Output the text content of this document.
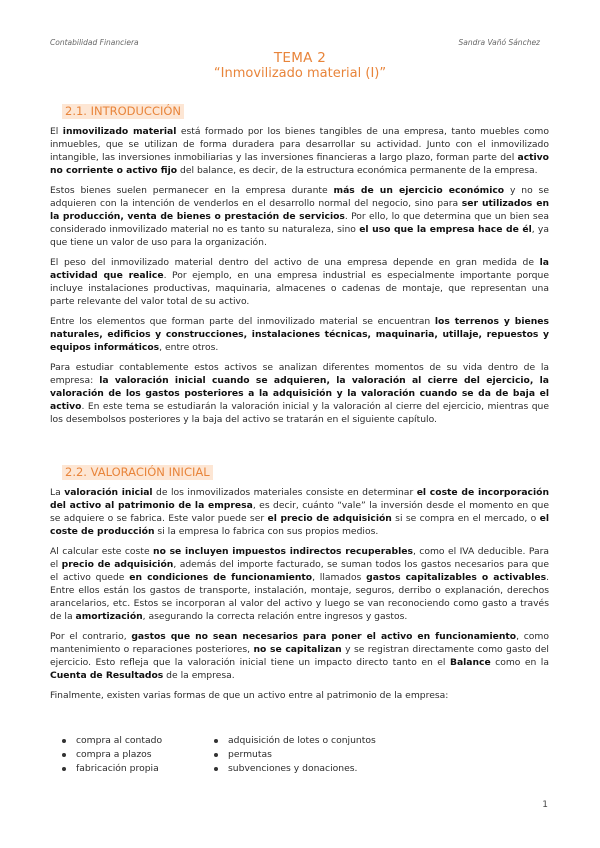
Contabilidad Financiera	Sandra Vañó Sánchez
TEMA 2
“Inmovilizado material (I)”
2.1. INTRODUCCIÓN

El inmovilizado material está formado por los bienes tangibles de una empresa, tanto muebles como inmuebles, que se utilizan de forma duradera para desarrollar su actividad. Junto con el inmovilizado intangible, las inversiones inmobiliarias y las inversiones financieras a largo plazo, forman parte del activo no corriente o activo fijo del balance, es decir, de la estructura económica permanente de la empresa.

Estos bienes suelen permanecer en la empresa durante más de un ejercicio económico y no se adquieren con la intención de venderlos en el desarrollo normal del negocio, sino para ser utilizados en la producción, venta de bienes o prestación de servicios. Por ello, lo que determina que un bien sea considerado inmovilizado material no es tanto su naturaleza, sino el uso que la empresa hace de él, ya que tiene un valor de uso para la organización.

El peso del inmovilizado material dentro del activo de una empresa depende en gran medida de la actividad que realice. Por ejemplo, en una empresa industrial es especialmente importante porque incluye instalaciones productivas, maquinaria, almacenes o cadenas de montaje, que representan una parte relevante del valor total de su activo.

Entre los elementos que forman parte del inmovilizado material se encuentran los terrenos y bienes naturales, edificios y construcciones, instalaciones técnicas, maquinaria, utillaje, repuestos y equipos informáticos, entre otros.

Para estudiar contablemente estos activos se analizan diferentes momentos de su vida dentro de la empresa: la valoración inicial cuando se adquieren, la valoración al cierre del ejercicio, la valoración de los gastos posteriores a la adquisición y la valoración cuando se da de baja el activo. En este tema se estudiarán la valoración inicial y la valoración al cierre del ejercicio, mientras que los desembolsos posteriores y la baja del activo se tratarán en el siguiente capítulo.

2.2. VALORACIÓN INICIAL

La valoración inicial de los inmovilizados materiales consiste en determinar el coste de incorporación del activo al patrimonio de la empresa, es decir, cuánto “vale” la inversión desde el momento en que se adquiere o se fabrica. Este valor puede ser el precio de adquisición si se compra en el mercado, o el coste de producción si la empresa lo fabrica con sus propios medios.

Al calcular este coste no se incluyen impuestos indirectos recuperables, como el IVA deducible. Para el precio de adquisición, además del importe facturado, se suman todos los gastos necesarios para que el activo quede en condiciones de funcionamiento, llamados gastos capitalizables o activables. Entre ellos están los gastos de transporte, instalación, montaje, seguros, derribo o explanación, derechos arancelarios, etc. Estos se incorporan al valor del activo y luego se van reconociendo como gasto a través de la amortización, asegurando la correcta relación entre ingresos y gastos.

Por el contrario, gastos que no sean necesarios para poner el activo en funcionamiento, como mantenimiento o reparaciones posteriores, no se capitalizan y se registran directamente como gasto del ejercicio. Esto refleja que la valoración inicial tiene un impacto directo tanto en el Balance como en la Cuenta de Resultados de la empresa.

Finalmente, existen varias formas de que un activo entre al patrimonio de la empresa:

compra al contado
compra a plazos
fabricación propia
adquisición de lotes o conjuntos
permutas
subvenciones y donaciones.
1
